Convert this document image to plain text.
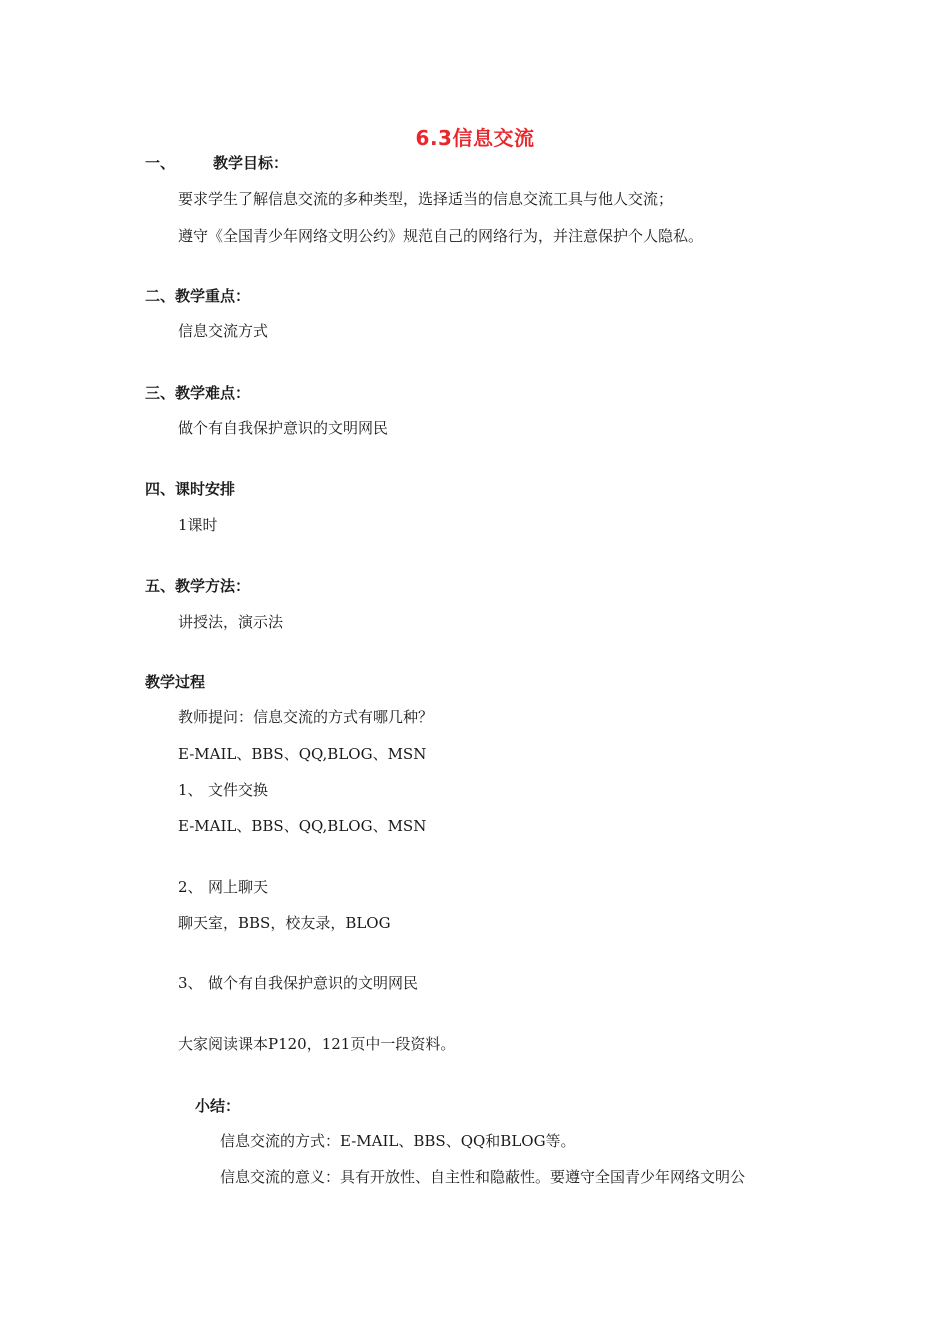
6.3信息交流
一、	教学目标：
要求学生了解信息交流的多种类型，选择适当的信息交流工具与他人交流；
遵守《全国青少年网络文明公约》规范自己的网络行为，并注意保护个人隐私。
二、教学重点：
信息交流方式
三、教学难点：
做个有自我保护意识的文明网民
四、课时安排
1课时
五、教学方法：
讲授法，演示法
教学过程
教师提问：信息交流的方式有哪几种？
E-MAIL、BBS、QQ,BLOG、MSN
1、 文件交换
E-MAIL、BBS、QQ,BLOG、MSN
2、 网上聊天
聊天室，BBS，校友录，BLOG
3、 做个有自我保护意识的文明网民
大家阅读课本P120，121页中一段资料。
小结：
信息交流的方式：E-MAIL、BBS、QQ和BLOG等。
信息交流的意义：具有开放性、自主性和隐蔽性。要遵守全国青少年网络文明公
